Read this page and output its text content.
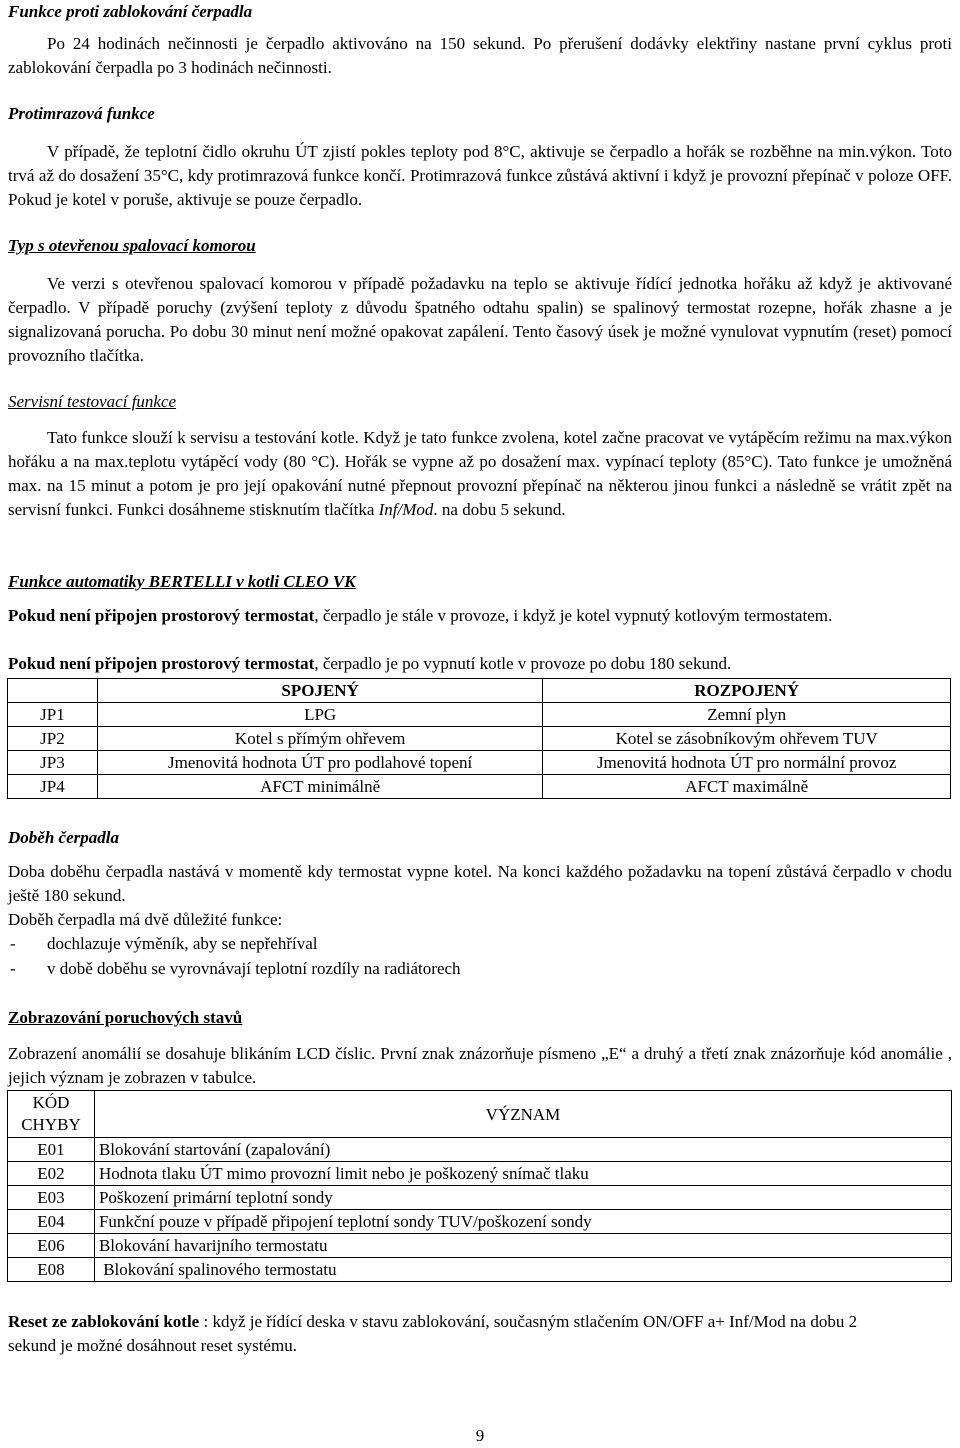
Funkce proti zablokování čerpadla

Po 24 hodinách nečinnosti je čerpadlo aktivováno na 150 sekund. Po přerušení dodávky elektřiny nastane první cyklus proti zablokování čerpadla po 3 hodinách nečinnosti.

Protimrazová funkce

V případě, že teplotní čidlo okruhu ÚT zjistí pokles teploty pod 8°C, aktivuje se čerpadlo a hořák se rozběhne na min.výkon. Toto trvá až do dosažení 35°C, kdy protimrazová funkce končí. Protimrazová funkce zůstává aktivní i když je provozní přepínač v poloze OFF. Pokud je kotel v poruše, aktivuje se pouze čerpadlo.

Typ s otevřenou spalovací komorou

Ve verzi s otevřenou spalovací komorou v případě požadavku na teplo se aktivuje řídící jednotka hořáku až když je aktivované čerpadlo. V případě poruchy (zvýšení teploty z důvodu špatného odtahu spalin) se spalinový termostat rozepne, hořák zhasne a je signalizovaná porucha. Po dobu 30 minut není možné opakovat zapálení. Tento časový úsek je možné vynulovat vypnutím (reset) pomocí provozního tlačítka.

Servisní testovací funkce

Tato funkce slouží k servisu a testování kotle. Když je tato funkce zvolena, kotel začne pracovat ve vytápěcím režimu na max.výkon hořáku a na max.teplotu vytápěcí vody (80 °C). Hořák se vypne až po dosažení max. vypínací teploty (85°C). Tato funkce je umožněná max. na 15 minut a potom je pro její opakování nutné přepnout provozní přepínač na některou jinou funkci a následně se vrátit zpět na servisní funkci. Funkci dosáhneme stisknutím tlačítka Inf/Mod. na dobu 5 sekund.

Funkce automatiky BERTELLI v kotli CLEO VK

Pokud není připojen prostorový termostat, čerpadlo je stále v provoze, i když je kotel vypnutý kotlovým termostatem.

Pokud není připojen prostorový termostat, čerpadlo je po vypnutí kotle v provoze po dobu 180 sekund.

	SPOJENÝ	ROZPOJENÝ
JP1	LPG	Zemní plyn
JP2	Kotel s přímým ohřevem	Kotel se zásobníkovým ohřevem TUV
JP3	Jmenovitá hodnota ÚT pro podlahové topení	Jmenovitá hodnota ÚT pro normální provoz
JP4	AFCT minimálně	AFCT maximálně

Doběh čerpadla

Doba doběhu čerpadla nastává v momentě kdy termostat vypne kotel. Na konci každého požadavku na topení zůstává čerpadlo v chodu ještě 180 sekund.

Doběh čerpadla má dvě důležité funkce:

-	dochlazuje výměník, aby se nepřehříval
-	v době doběhu se vyrovnávají teplotní rozdíly na radiátorech

Zobrazování poruchových stavů

Zobrazení anomálií se dosahuje blikáním LCD číslic. První znak znázorňuje písmeno „E“ a druhý a třetí znak znázorňuje kód anomálie , jejich význam je zobrazen v tabulce.

KÓD
CHYBY	VÝZNAM
E01	Blokování startování (zapalování)
E02	Hodnota tlaku ÚT mimo provozní limit nebo je poškozený snímač tlaku
E03	Poškození primární teplotní sondy
E04	Funkční pouze v případě připojení teplotní sondy TUV/poškození sondy
E06	Blokování havarijního termostatu
E08	Blokování spalinového termostatu

Reset ze zablokování kotle : když je řídící deska v stavu zablokování, současným stlačením ON/OFF a+ Inf/Mod na dobu 2 sekund je možné dosáhnout reset systému.

9
